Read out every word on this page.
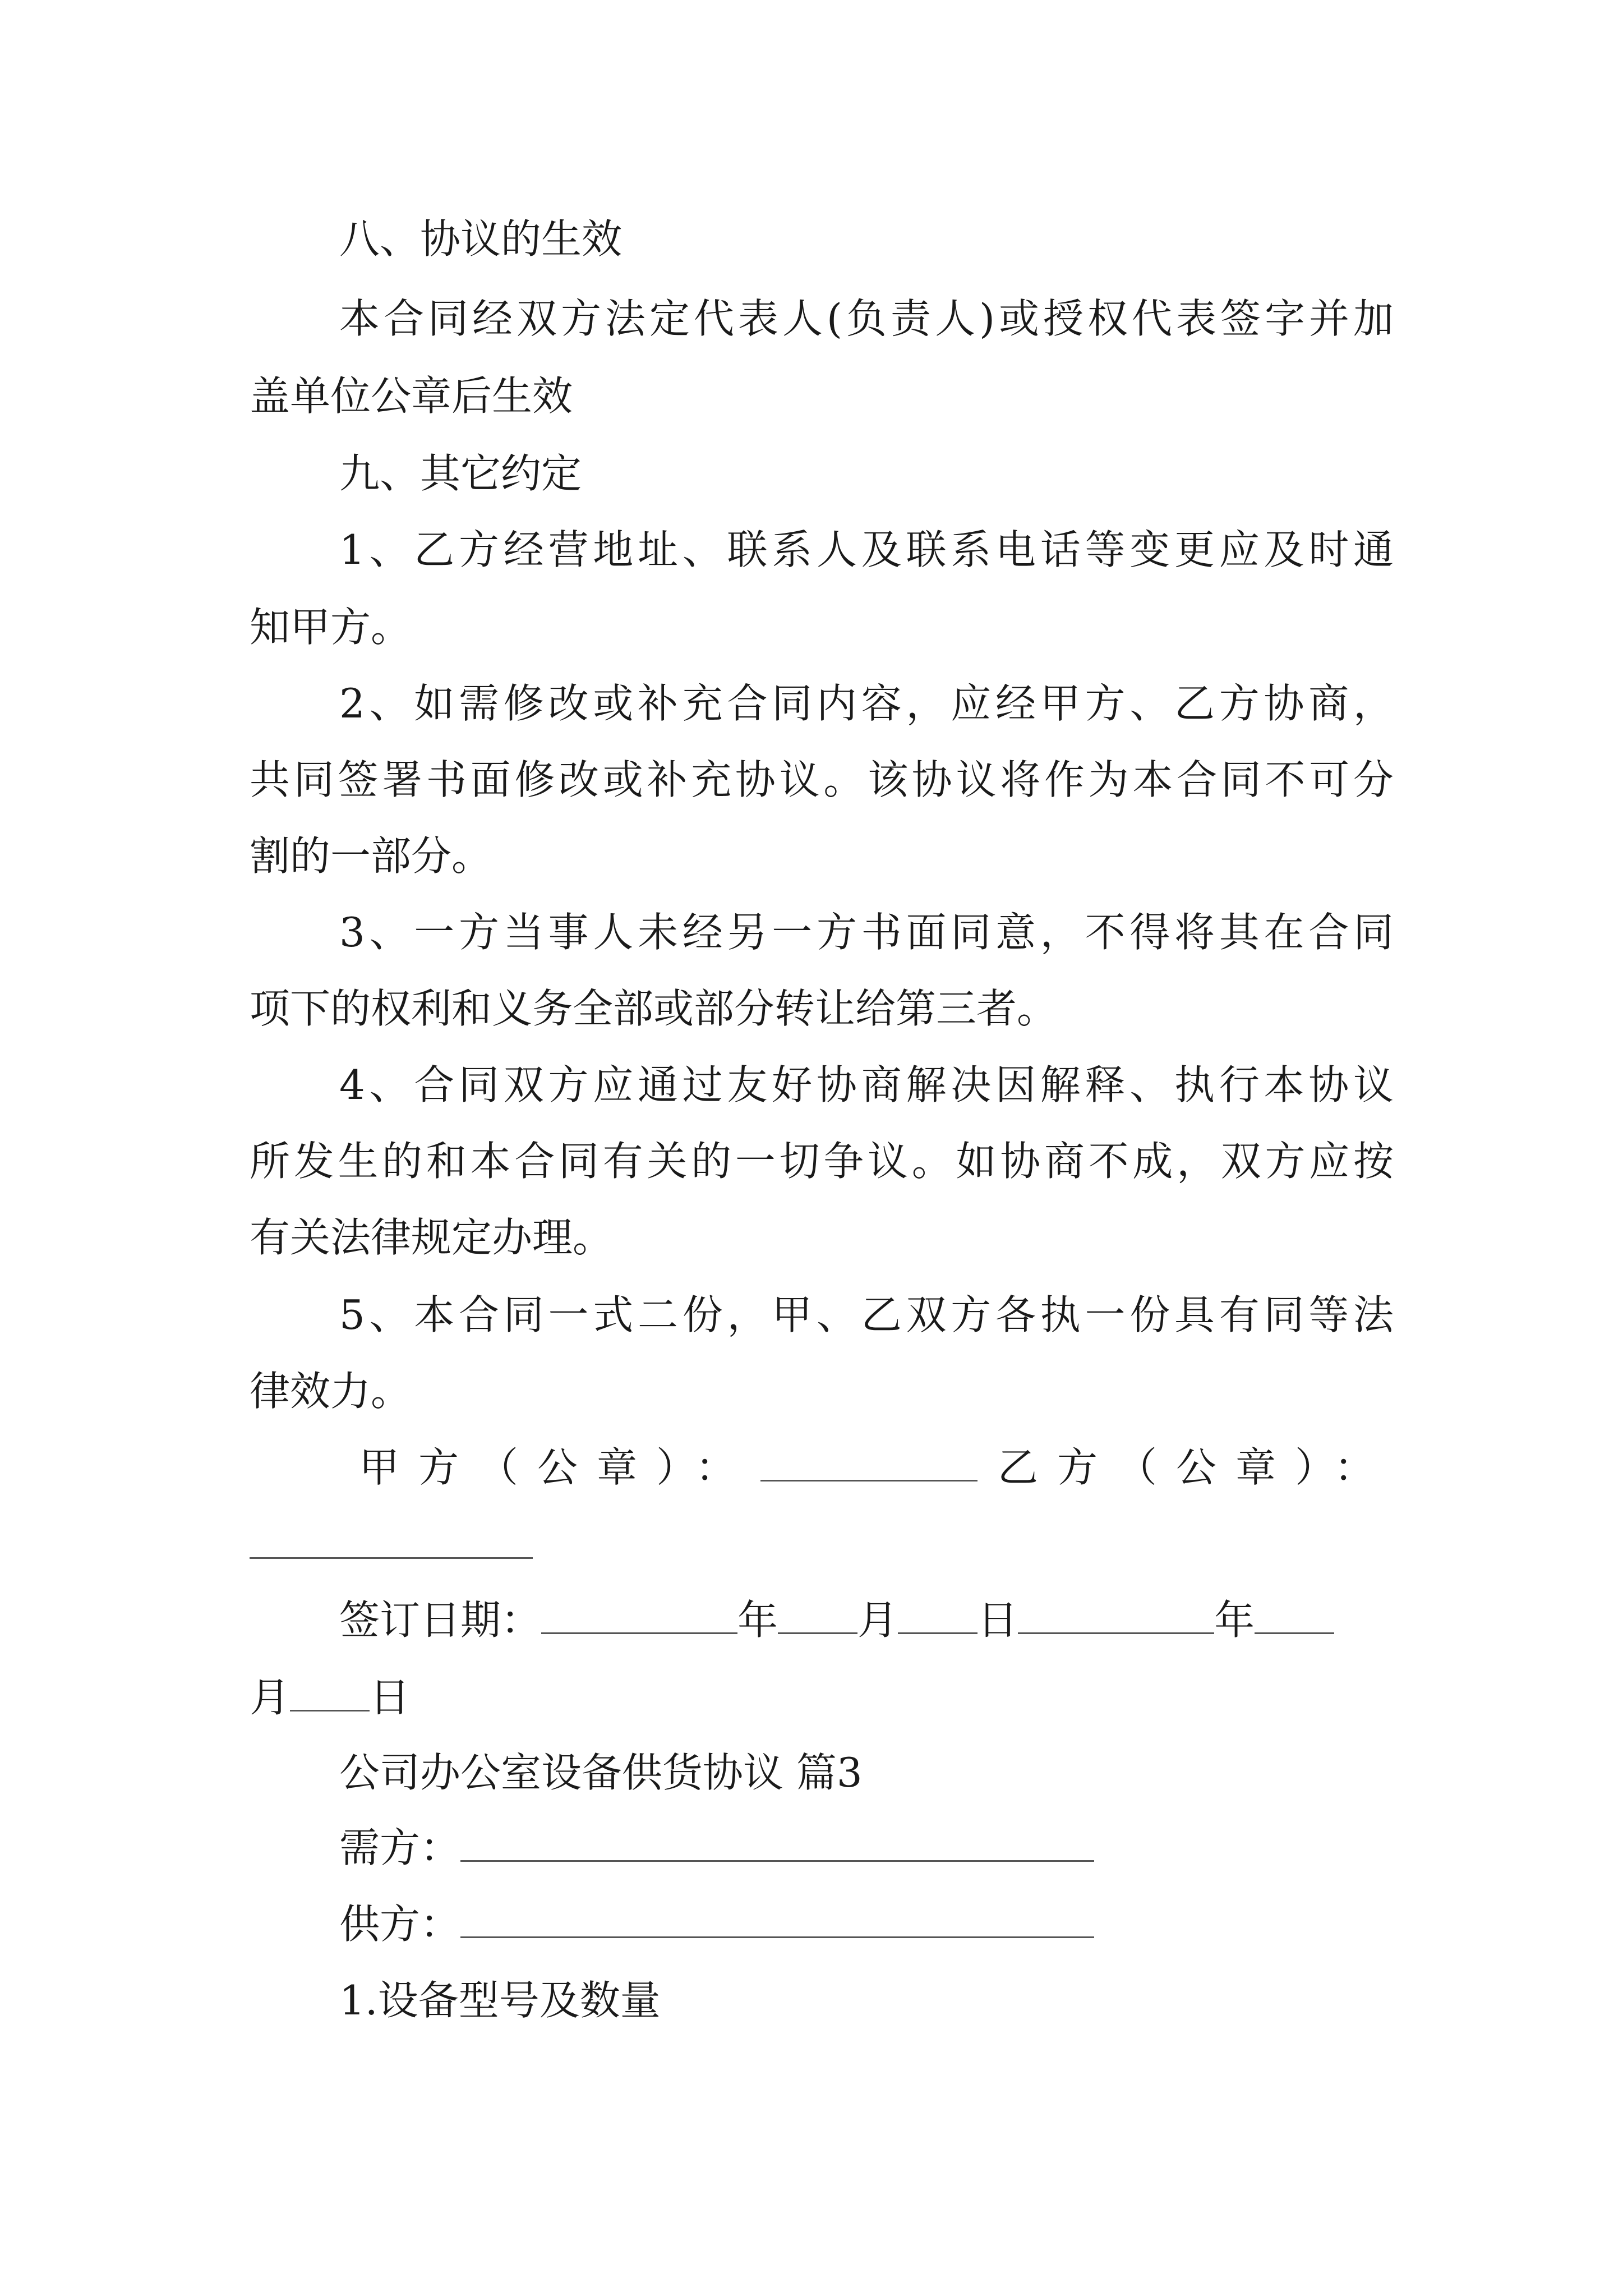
八、协议的生效
本合同经双方法定代表人(负责人)或授权代表签字并加
盖单位公章后生效
九、其它约定
1、乙方经营地址、联系人及联系电话等变更应及时通
知甲方。
2、如需修改或补充合同内容，应经甲方、乙方协商，
共同签署书面修改或补充协议。该协议将作为本合同不可分
割的一部分。
3、一方当事人未经另一方书面同意，不得将其在合同
项下的权利和义务全部或部分转让给第三者。
4、合同双方应通过友好协商解决因解释、执行本协议
所发生的和本合同有关的一切争议。如协商不成，双方应按
有关法律规定办理。
5、本合同一式二份，甲、乙双方各执一份具有同等法
律效力。
甲方（公章）：	乙方（公章）：
签订日期：	年 月 日	年
月 日
公司办公室设备供货协议 篇3
需方：
供方：
1.设备型号及数量
